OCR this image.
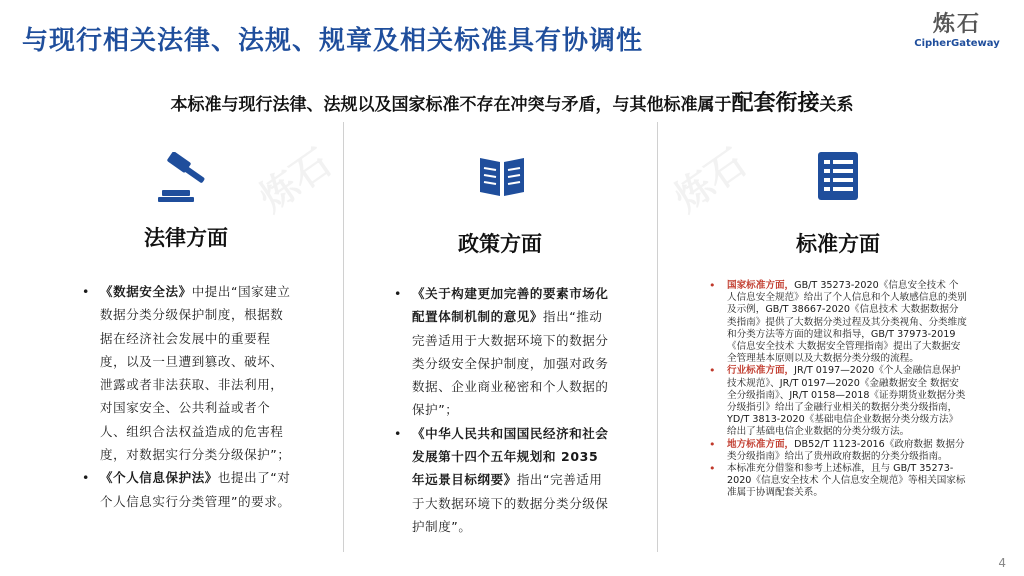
与现行相关法律、法规、规章及相关标准具有协调性
炼石
CipherGateway
本标准与现行法律、法规以及国家标准不存在冲突与矛盾，与其他标准属于配套衔接关系
炼石	炼石
法律方面
• 《数据安全法》中提出“国家建立数据分类分级保护制度，根据数据在经济社会发展中的重要程度，以及一旦遭到篡改、破坏、泄露或者非法获取、非法利用，对国家安全、公共利益或者个人、组织合法权益造成的危害程度，对数据实行分类分级保护”；
• 《个人信息保护法》也提出了“对个人信息实行分类管理”的要求。
政策方面
• 《关于构建更加完善的要素市场化配置体制机制的意见》指出“推动完善适用于大数据环境下的数据分类分级安全保护制度，加强对政务数据、企业商业秘密和个人数据的保护”；
• 《中华人民共和国国民经济和社会发展第十四个五年规划和 2035 年远景目标纲要》指出“完善适用于大数据环境下的数据分类分级保护制度”。
标准方面
• 国家标准方面，GB/T 35273-2020《信息安全技术 个人信息安全规范》给出了个人信息和个人敏感信息的类别及示例，GB/T 38667-2020《信息技术 大数据数据分类指南》提供了大数据分类过程及其分类视角、分类维度和分类方法等方面的建议和指导，GB/T 37973-2019《信息安全技术 大数据安全管理指南》提出了大数据安全管理基本原则以及大数据分类分级的流程。
• 行业标准方面，JR/T 0197—2020《个人金融信息保护技术规范》、JR/T 0197—2020《金融数据安全 数据安全分级指南》、JR/T 0158—2018《证券期货业数据分类分级指引》给出了金融行业相关的数据分类分级指南，YD/T 3813-2020《基础电信企业数据分类分级方法》给出了基础电信企业数据的分类分级方法。
• 地方标准方面，DB52/T 1123-2016《政府数据 数据分类分级指南》给出了贵州政府数据的分类分级指南。
• 本标准充分借鉴和参考上述标准，且与 GB/T 35273-2020《信息安全技术 个人信息安全规范》等相关国家标准属于协调配套关系。
4
